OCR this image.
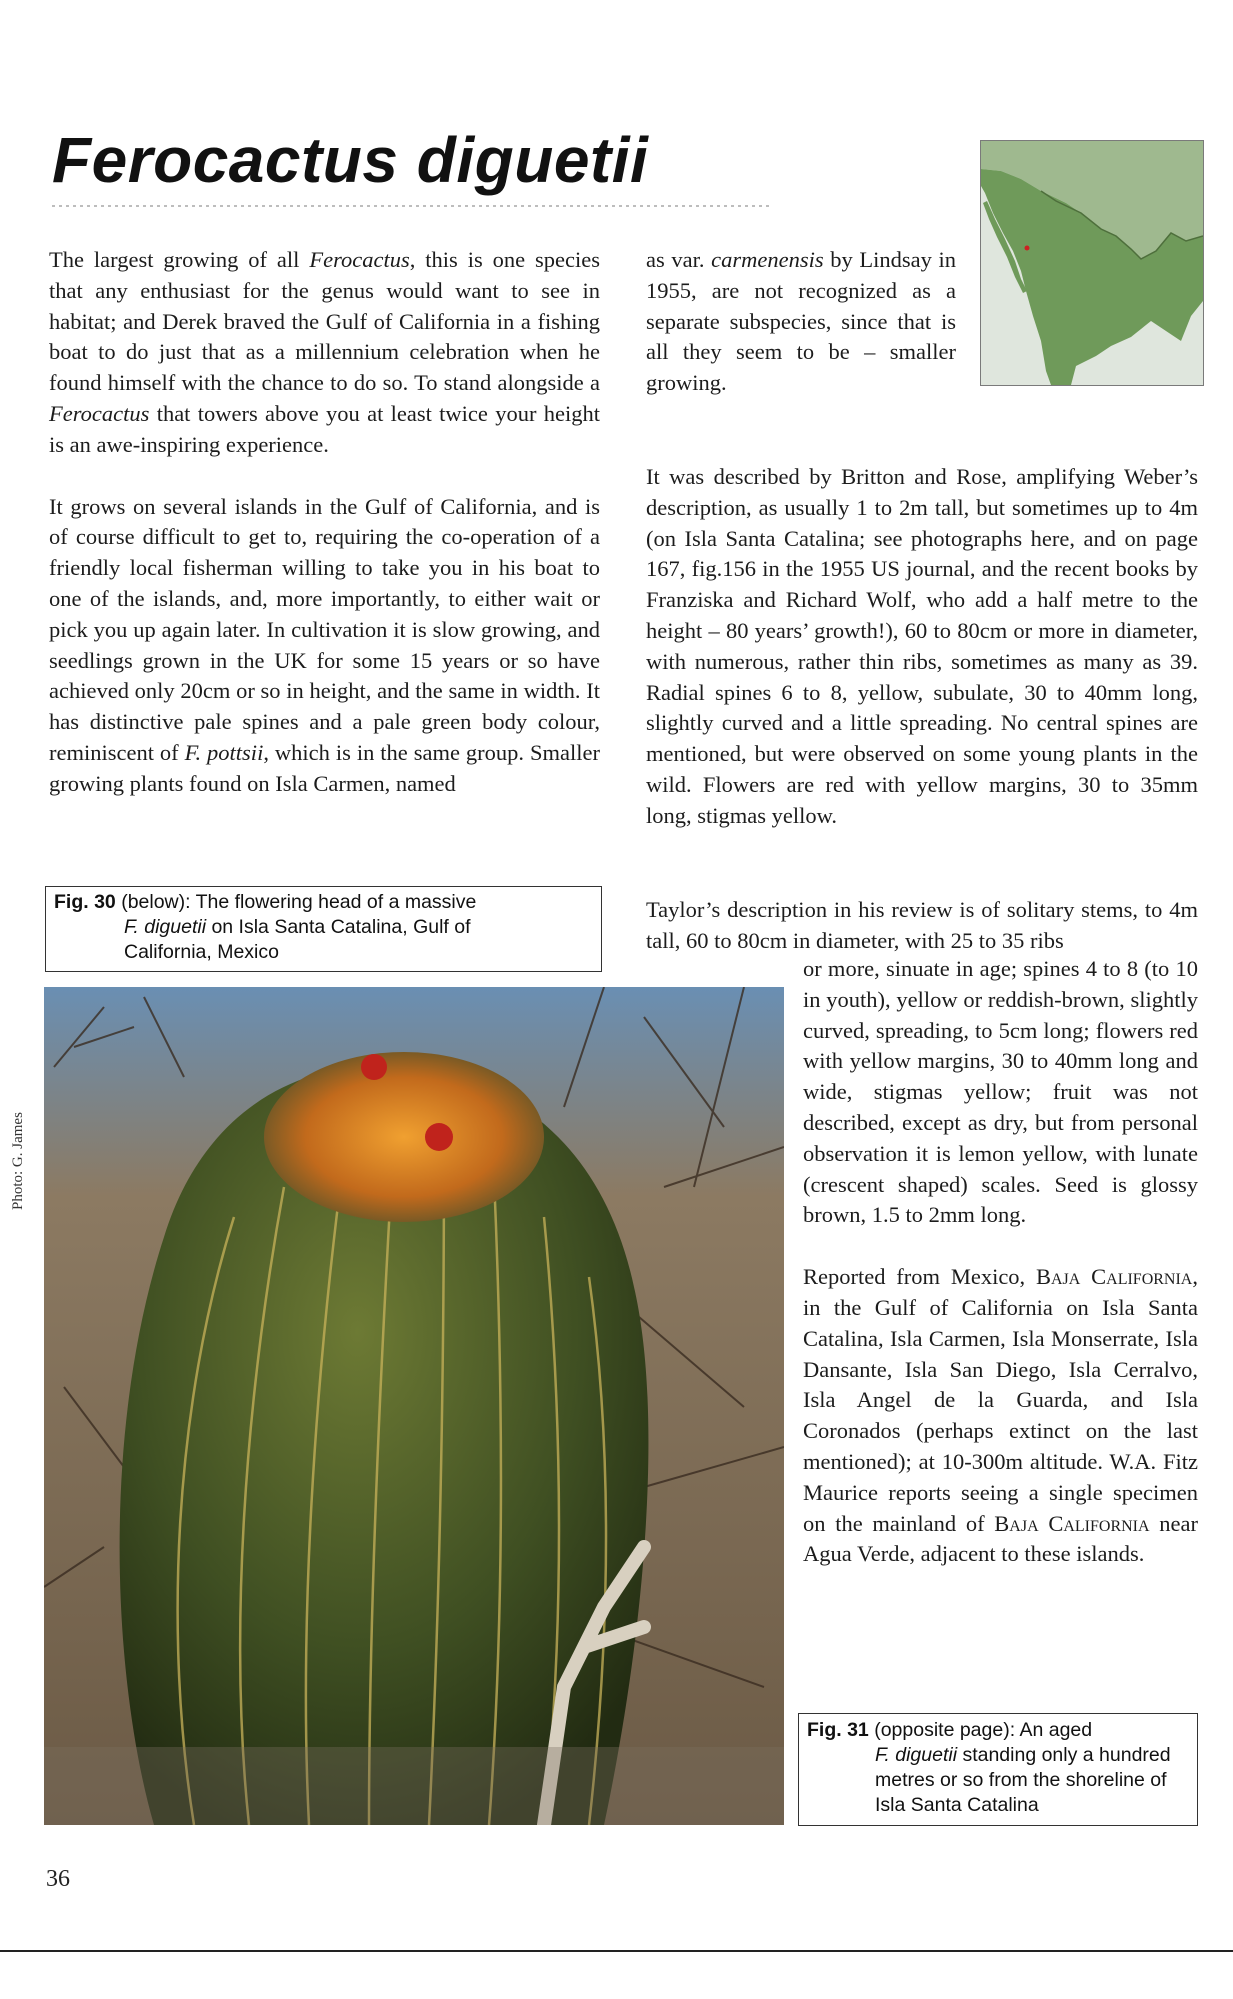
Ferocactus diguetii

The largest growing of all Ferocactus, this is one species that any enthusiast for the genus would want to see in habitat; and Derek braved the Gulf of California in a fishing boat to do just that as a millennium celebration when he found himself with the chance to do so. To stand alongside a Ferocactus that towers above you at least twice your height is an awe-inspiring experience.

It grows on several islands in the Gulf of California, and is of course difficult to get to, requiring the co-operation of a friendly local fisherman willing to take you in his boat to one of the islands, and, more importantly, to either wait or pick you up again later. In cultivation it is slow growing, and seedlings grown in the UK for some 15 years or so have achieved only 20cm or so in height, and the same in width. It has distinctive pale spines and a pale green body colour, reminiscent of F. pottsii, which is in the same group. Smaller growing plants found on Isla Carmen, named

as var. carmenensis by Lindsay in 1955, are not recognized as a separate subspecies, since that is all they seem to be – smaller growing.

It was described by Britton and Rose, amplifying Weber’s description, as usually 1 to 2m tall, but sometimes up to 4m (on Isla Santa Catalina; see photographs here, and on page 167, fig.156 in the 1955 US journal, and the recent books by Franziska and Richard Wolf, who add a half metre to the height – 80 years’ growth!), 60 to 80cm or more in diameter, with numerous, rather thin ribs, sometimes as many as 39. Radial spines 6 to 8, yellow, subulate, 30 to 40mm long, slightly curved and a little spreading. No central spines are mentioned, but were observed on some young plants in the wild. Flowers are red with yellow margins, 30 to 35mm long, stigmas yellow.

Taylor’s description in his review is of solitary stems, to 4m tall, 60 to 80cm in diameter, with 25 to 35 ribs

or more, sinuate in age; spines 4 to 8 (to 10 in youth), yellow or reddish-brown, slightly curved, spreading, to 5cm long; flowers red with yellow margins, 30 to 40mm long and wide, stigmas yellow; fruit was not described, except as dry, but from personal observation it is lemon yellow, with lunate (crescent shaped) scales. Seed is glossy brown, 1.5 to 2mm long.

Reported from Mexico, Baja California, in the Gulf of California on Isla Santa Catalina, Isla Carmen, Isla Monserrate, Isla Dansante, Isla San Diego, Isla Cerralvo, Isla Angel de la Guarda, and Isla Coronados (perhaps extinct on the last mentioned); at 10-300m altitude. W.A. Fitz Maurice reports seeing a single specimen on the mainland of Baja California near Agua Verde, adjacent to these islands.

Fig. 30 (below): The flowering head of a massive
F. diguetii on Isla Santa Catalina, Gulf of
California, Mexico
Photo: G. James
Fig. 31 (opposite page): An aged
F. diguetii standing only a hundred
metres or so from the shoreline of
Isla Santa Catalina
36
